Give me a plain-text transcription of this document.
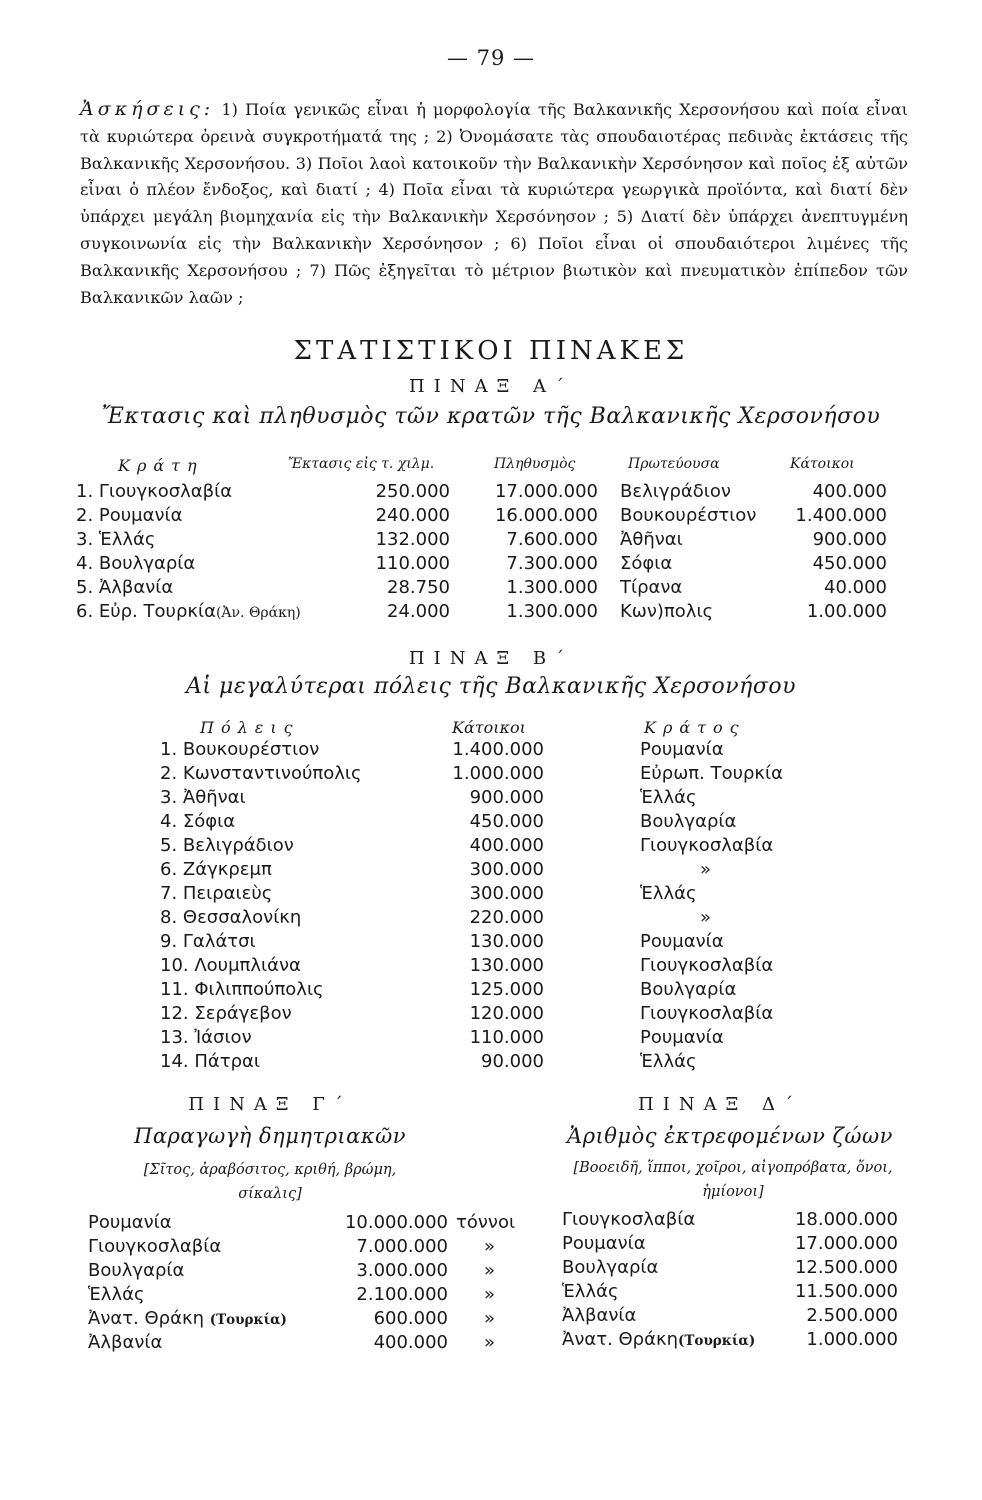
— 79 —
Ἀσκήσεις: 1) Ποία γενικῶς εἶναι ἡ μορφολογία τῆς Βαλκανικῆς Χερσονήσου καὶ ποία εἶναι τὰ κυριώτερα ὀρεινὰ συγκροτήματά της ; 2) Ὀνομάσατε τὰς σπουδαιοτέρας πεδινὰς ἐκτάσεις τῆς Βαλκανικῆς Χερσονήσου. 3) Ποῖοι λαοὶ κατοικοῦν τὴν Βαλκανικὴν Χερσόνησον καὶ ποῖος ἐξ αὐτῶν εἶναι ὁ πλέον ἔνδοξος, καὶ διατί ; 4) Ποῖα εἶναι τὰ κυριώτερα γεωργικὰ προϊόντα, καὶ διατί δὲν ὑπάρχει μεγάλη βιομηχανία εἰς τὴν Βαλκανικὴν Χερσόνησον ; 5) Διατί δὲν ὑπάρχει ἀνεπτυγμένη συγκοινωνία εἰς τὴν Βαλκανικὴν Χερσόνησον ; 6) Ποῖοι εἶναι οἱ σπουδαιότεροι λιμένες τῆς Βαλκανικῆς Χερσονήσου ; 7) Πῶς ἐξηγεῖται τὸ μέτριον βιωτικὸν καὶ πνευματικὸν ἐπίπεδον τῶν Βαλκανικῶν λαῶν ;
ΣΤΑΤΙΣΤΙΚΟΙ ΠΙΝΑΚΕΣ
ΠΙΝΑΞ Α΄
Ἔκτασις καὶ πληθυσμὸς τῶν κρατῶν τῆς Βαλκανικῆς Χερσονήσου
Κράτη	Ἔκτασις εἰς τ. χιλμ.	Πληθυσμὸς	Πρωτεύουσα	Κάτοικοι
1. Γιουγκοσλαβία	250.000	17.000.000 Βελιγράδιον	400.000
2. Ρουμανία	240.000	16.000.000 Βουκουρέστιον	1.400.000
3. Ἑλλάς	132.000	7.600.000 Ἀθῆναι	900.000
4. Βουλγαρία	110.000	7.300.000 Σόφια	450.000
5. Ἀλβανία	28.750	1.300.000 Τίρανα	40.000
6. Εὐρ. Τουρκία(Ἀν. Θράκη)	24.000	1.300.000 Κων)πολις	1.00.000
ΠΙΝΑΞ Β΄
Αἱ μεγαλύτεραι πόλεις τῆς Βαλκανικῆς Χερσονήσου
Πόλεις	Κάτοικοι	Κράτος
1. Βουκουρέστιον	1.400.000	Ρουμανία
2. Κωνσταντινούπολις	1.000.000	Εὐρωπ. Τουρκία
3. Ἀθῆναι	900.000	Ἑλλάς
4. Σόφια	450.000	Βουλγαρία
5. Βελιγράδιον	400.000	Γιουγκοσλαβία
6. Ζάγκρεμπ	300.000	»
7. Πειραιεὺς	300.000	Ἑλλάς
8. Θεσσαλονίκη	220.000	»
9. Γαλάτσι	130.000	Ρουμανία
10. Λουμπλιάνα	130.000	Γιουγκοσλαβία
11. Φιλιππούπολις	125.000	Βουλγαρία
12. Σεράγεβον	120.000	Γιουγκοσλαβία
13. Ἰάσιον	110.000	Ρουμανία
14. Πάτραι	90.000	Ἑλλάς
ΠΙΝΑΞ Γ΄
Παραγωγὴ δημητριακῶν
[Σῖτος, ἀραβόσιτος, κριθή, βρώμη, σίκαλις]
Ρουμανία	10.000.000 τόννοι
Γιουγκοσλαβία	7.000.000 »
Βουλγαρία	3.000.000 »
Ἑλλάς	2.100.000 »
Ἀνατ. Θράκη (Τουρκία)	600.000 »
Ἀλβανία	400.000 »
ΠΙΝΑΞ Δ΄
Ἀριθμὸς ἐκτρεφομένων ζώων
[Βοοειδῆ, ἵπποι, χοῖροι, αἰγοπρόβατα, ὄνοι, ἡμίονοι]
Γιουγκοσλαβία	18.000.000
Ρουμανία	17.000.000
Βουλγαρία	12.500.000
Ἑλλάς	11.500.000
Ἀλβανία	2.500.000
Ἀνατ. Θράκη(Τουρκία)	1.000.000
